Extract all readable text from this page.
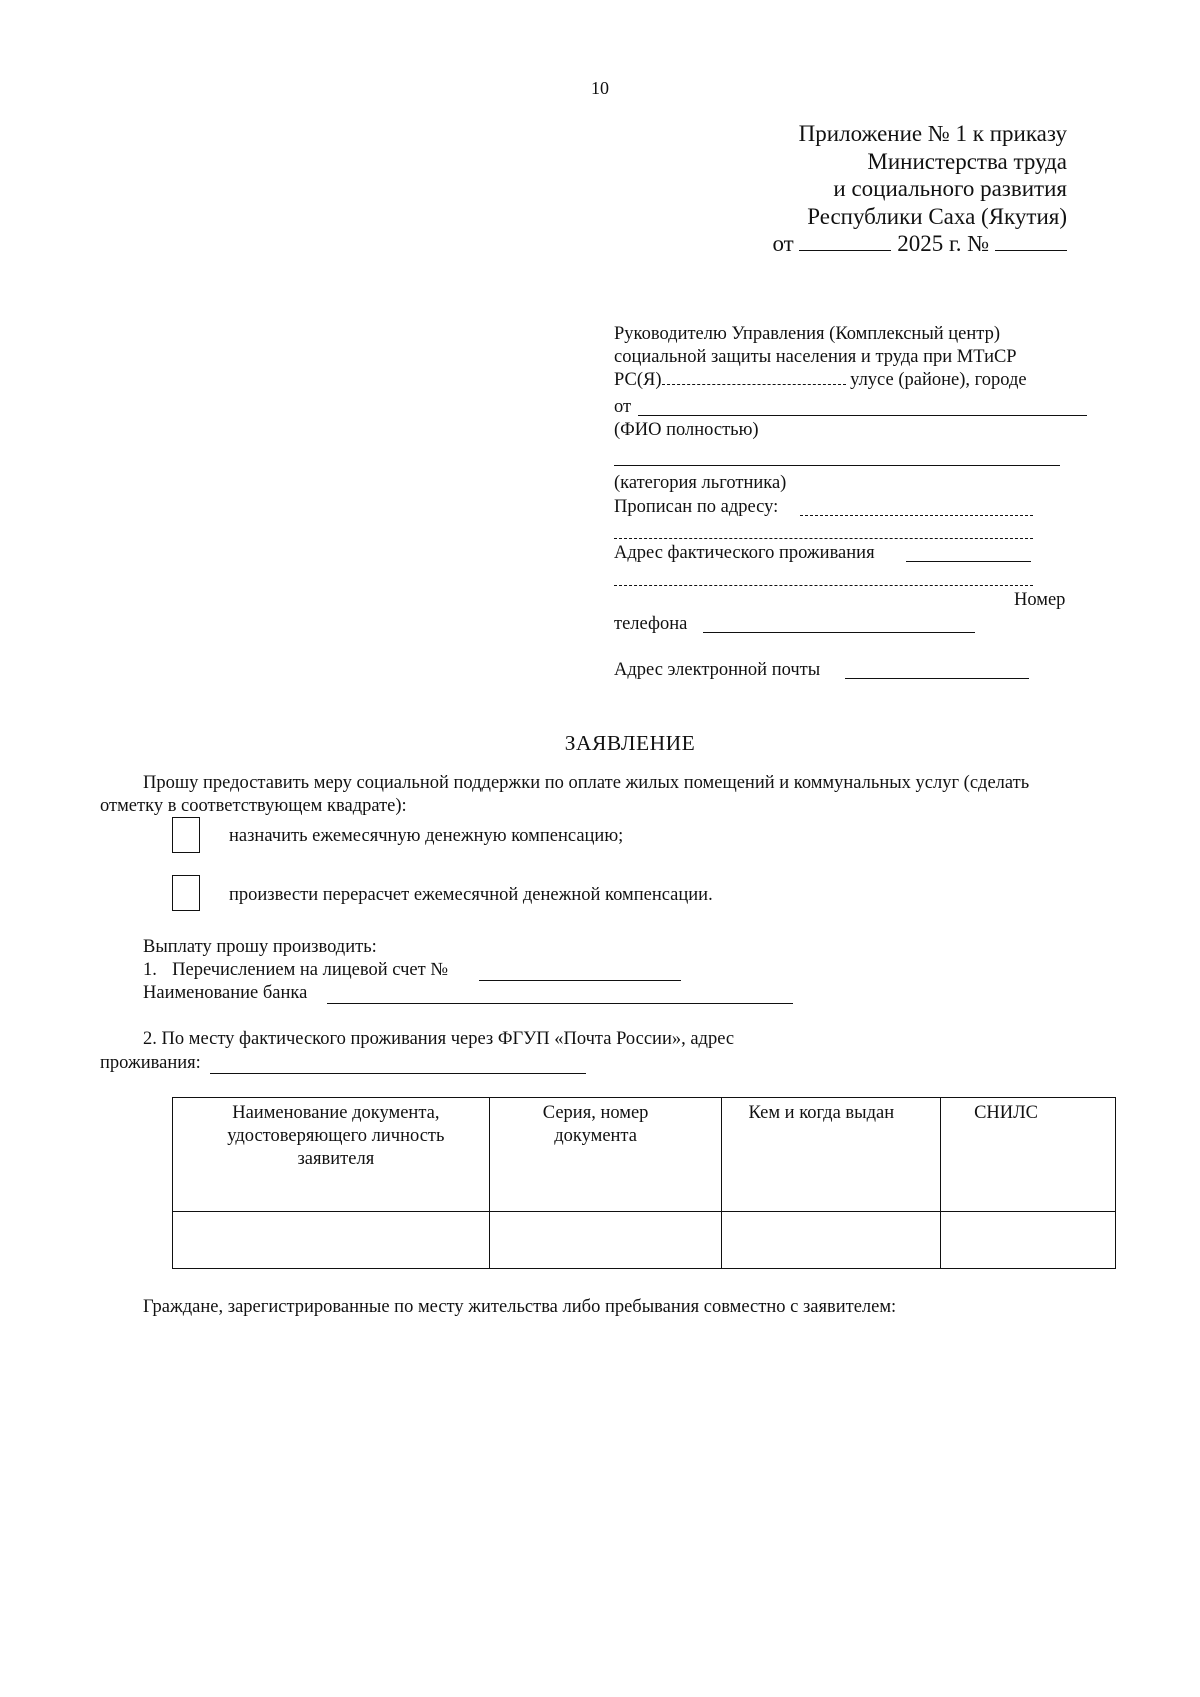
10
Приложение № 1 к приказу
Министерства труда
и социального развития
Республики Саха (Якутия)
от	2025 г. №
Руководителю Управления (Комплексный центр)
социальной защиты населения и труда при МТиСР
РС(Я)	улусе (районе), городе
от
(ФИО полностью)
(категория льготника)
Прописан по адресу:
Адрес фактического проживания
Номер
телефона
Адрес электронной почты
ЗАЯВЛЕНИЕ
Прошу предоставить меру социальной поддержки по оплате жилых помещений и коммунальных услуг (сделать
отметку в соответствующем квадрате):
назначить ежемесячную денежную компенсацию;
произвести перерасчет ежемесячной денежной компенсации.
Выплату прошу производить:
1. Перечислением на лицевой счет №
Наименование банка
2. По месту фактического проживания через ФГУП «Почта России», адрес
проживания:
Наименование документа, удостоверяющего личность заявителя	Серия, номер документа	Кем и когда выдан	СНИЛС

Граждане, зарегистрированные по месту жительства либо пребывания совместно с заявителем:
